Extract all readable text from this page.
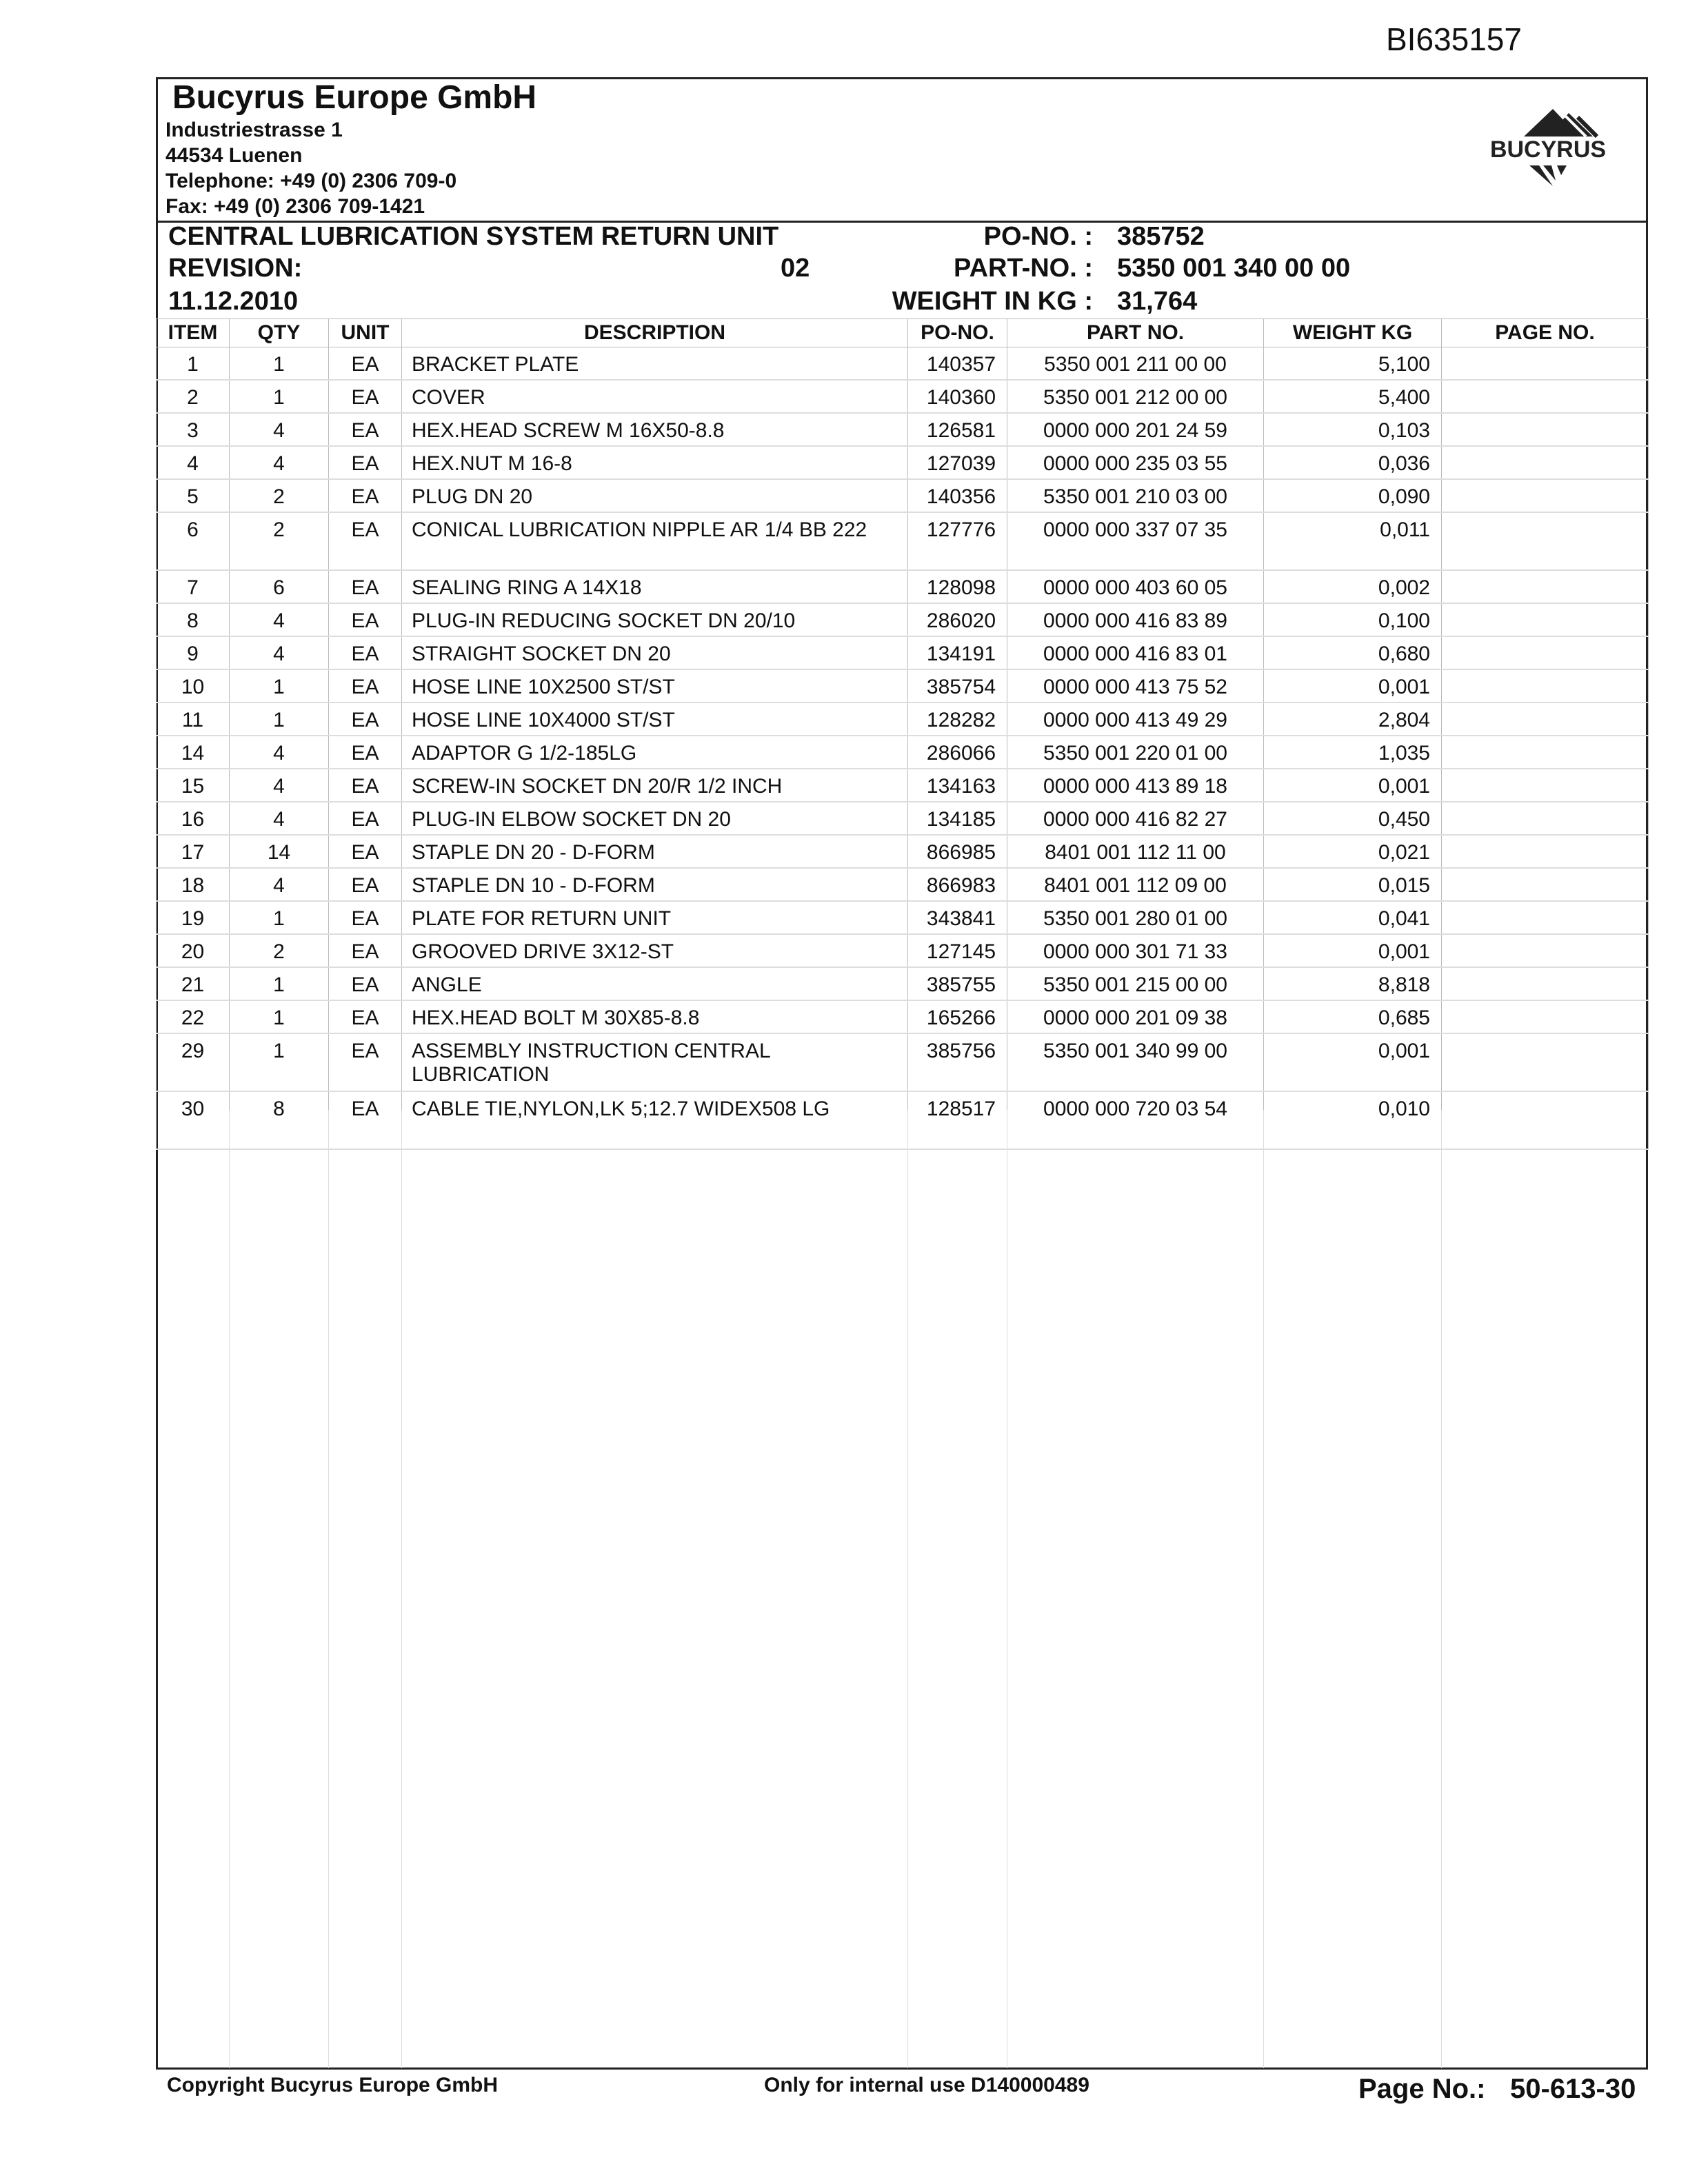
BI635157
Bucyrus Europe GmbH
Industriestrasse 1
44534 Luenen
Telephone: +49 (0) 2306 709-0
Fax: +49 (0) 2306 709-1421
BUCYRUS
CENTRAL LUBRICATION SYSTEM RETURN UNIT
REVISION:	02
11.12.2010
PO-NO. : 385752
PART-NO. : 5350 001 340 00 00
WEIGHT IN KG : 31,764
ITEM	QTY	UNIT	DESCRIPTION	PO-NO.	PART NO.	WEIGHT KG	PAGE NO.
1	1	EA	BRACKET PLATE	140357	5350 001 211 00 00	5,100	
2	1	EA	COVER	140360	5350 001 212 00 00	5,400	
3	4	EA	HEX.HEAD SCREW M 16X50-8.8	126581	0000 000 201 24 59	0,103	
4	4	EA	HEX.NUT M 16-8	127039	0000 000 235 03 55	0,036	
5	2	EA	PLUG DN 20	140356	5350 001 210 03 00	0,090	
6	2	EA	CONICAL LUBRICATION NIPPLE AR 1/4 BB 222	127776	0000 000 337 07 35	0,011	
7	6	EA	SEALING RING A 14X18	128098	0000 000 403 60 05	0,002	
8	4	EA	PLUG-IN REDUCING SOCKET DN 20/10	286020	0000 000 416 83 89	0,100	
9	4	EA	STRAIGHT SOCKET DN 20	134191	0000 000 416 83 01	0,680	
10	1	EA	HOSE LINE 10X2500 ST/ST	385754	0000 000 413 75 52	0,001	
11	1	EA	HOSE LINE 10X4000 ST/ST	128282	0000 000 413 49 29	2,804	
14	4	EA	ADAPTOR G 1/2-185LG	286066	5350 001 220 01 00	1,035	
15	4	EA	SCREW-IN SOCKET DN 20/R 1/2 INCH	134163	0000 000 413 89 18	0,001	
16	4	EA	PLUG-IN ELBOW SOCKET DN 20	134185	0000 000 416 82 27	0,450	
17	14	EA	STAPLE DN 20 - D-FORM	866985	8401 001 112 11 00	0,021	
18	4	EA	STAPLE DN 10 - D-FORM	866983	8401 001 112 09 00	0,015	
19	1	EA	PLATE FOR RETURN UNIT	343841	5350 001 280 01 00	0,041	
20	2	EA	GROOVED DRIVE 3X12-ST	127145	0000 000 301 71 33	0,001	
21	1	EA	ANGLE	385755	5350 001 215 00 00	8,818	
22	1	EA	HEX.HEAD BOLT M 30X85-8.8	165266	0000 000 201 09 38	0,685	
29	1	EA	ASSEMBLY INSTRUCTION CENTRAL LUBRICATION	385756	5350 001 340 99 00	0,001	
30	8	EA	CABLE TIE,NYLON,LK 5;12.7 WIDEX508 LG	128517	0000 000 720 03 54	0,010	
Copyright Bucyrus Europe GmbH	Only for internal use D140000489	Page No.: 50-613-30
